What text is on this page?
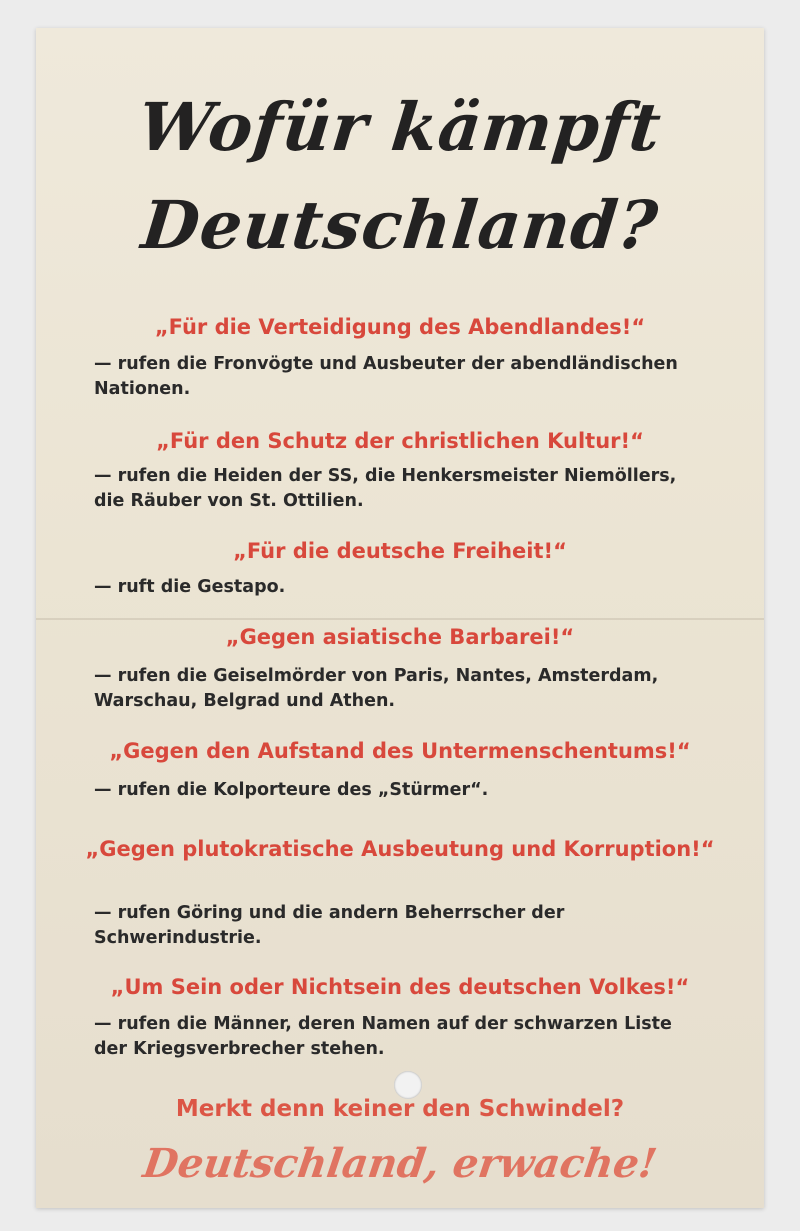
Wofür kämpft
Deutschland?
„Für die Verteidigung des Abendlandes!“
— rufen die Fronvögte und Ausbeuter der abendländischen Nationen.
„Für den Schutz der christlichen Kultur!“
— rufen die Heiden der SS, die Henkersmeister Niemöllers, die Räuber von St. Ottilien.
„Für die deutsche Freiheit!“
— ruft die Gestapo.
„Gegen asiatische Barbarei!“
— rufen die Geiselmörder von Paris, Nantes, Amsterdam, Warschau, Belgrad und Athen.
„Gegen den Aufstand des Untermenschentums!“
— rufen die Kolporteure des „Stürmer“.
„Gegen plutokratische Ausbeutung und Korruption!“
— rufen Göring und die andern Beherrscher der Schwerindustrie.
„Um Sein oder Nichtsein des deutschen Volkes!“
— rufen die Männer, deren Namen auf der schwarzen Liste der Kriegsverbrecher stehen.
Merkt denn keiner den Schwindel?
Deutschland, erwache!
